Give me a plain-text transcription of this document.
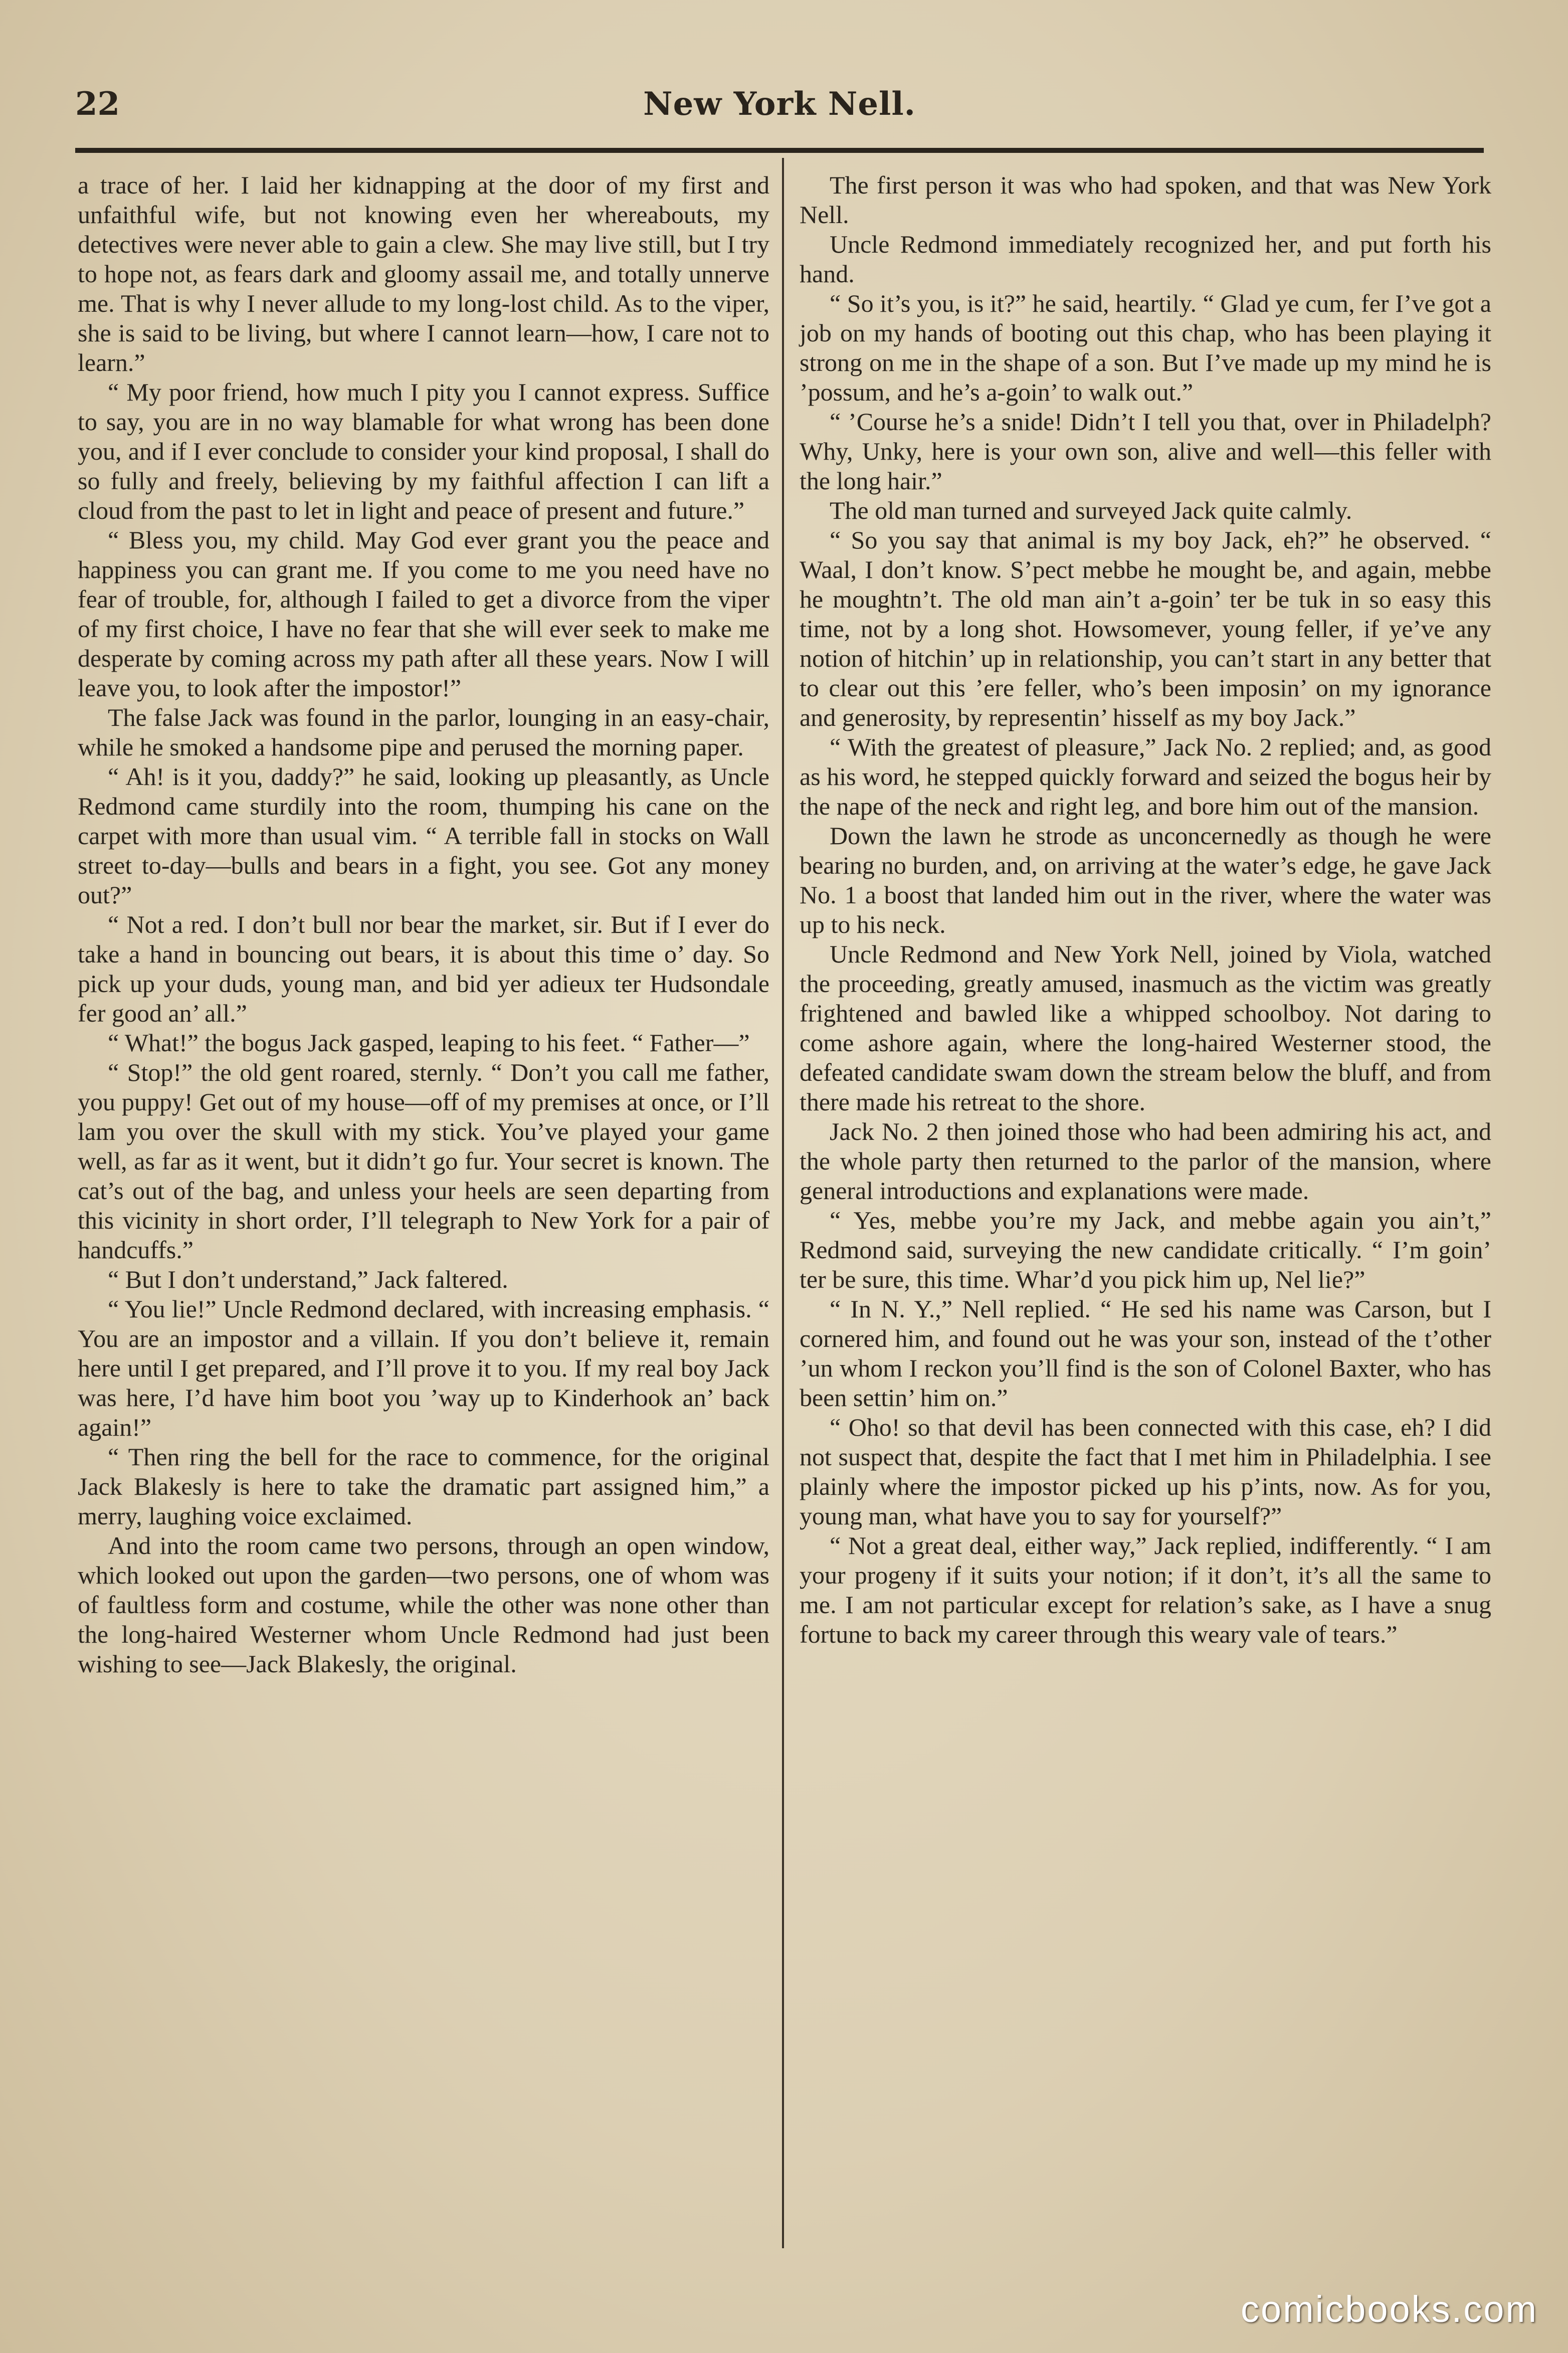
22	New York Nell.

a trace of her. I laid her kidnapping at the door of my first and unfaithful wife, but not knowing even her whereabouts, my detectives were never able to gain a clew. She may live still, but I try to hope not, as fears dark and gloomy assail me, and totally unnerve me. That is why I never allude to my long-lost child. As to the viper, she is said to be living, but where I cannot learn—how, I care not to learn.”

“ My poor friend, how much I pity you I cannot express. Suffice to say, you are in no way blamable for what wrong has been done you, and if I ever conclude to consider your kind proposal, I shall do so fully and freely, believing by my faithful affection I can lift a cloud from the past to let in light and peace of present and future.”

“ Bless you, my child. May God ever grant you the peace and happiness you can grant me. If you come to me you need have no fear of trouble, for, although I failed to get a divorce from the viper of my first choice, I have no fear that she will ever seek to make me desperate by coming across my path after all these years. Now I will leave you, to look after the impostor!”

The false Jack was found in the parlor, lounging in an easy-chair, while he smoked a handsome pipe and perused the morning paper.

“ Ah! is it you, daddy?” he said, looking up pleasantly, as Uncle Redmond came sturdily into the room, thumping his cane on the carpet with more than usual vim. “ A terrible fall in stocks on Wall street to-day—bulls and bears in a fight, you see. Got any money out?”

“ Not a red. I don’t bull nor bear the market, sir. But if I ever do take a hand in bouncing out bears, it is about this time o’ day. So pick up your duds, young man, and bid yer adieux ter Hudsondale fer good an’ all.”

“ What!” the bogus Jack gasped, leaping to his feet. “ Father—”

“ Stop!” the old gent roared, sternly. “ Don’t you call me father, you puppy! Get out of my house—off of my premises at once, or I’ll lam you over the skull with my stick. You’ve played your game well, as far as it went, but it didn’t go fur. Your secret is known. The cat’s out of the bag, and unless your heels are seen departing from this vicinity in short order, I’ll telegraph to New York for a pair of handcuffs.”

“ But I don’t understand,” Jack faltered.

“ You lie!” Uncle Redmond declared, with increasing emphasis. “ You are an impostor and a villain. If you don’t believe it, remain here until I get prepared, and I’ll prove it to you. If my real boy Jack was here, I’d have him boot you ’way up to Kinderhook an’ back again!”

“ Then ring the bell for the race to commence, for the original Jack Blakesly is here to take the dramatic part assigned him,” a merry, laughing voice exclaimed.

And into the room came two persons, through an open window, which looked out upon the garden—two persons, one of whom was of faultless form and costume, while the other was none other than the long-haired Westerner whom Uncle Redmond had just been wishing to see—Jack Blakesly, the original.

The first person it was who had spoken, and that was New York Nell.

Uncle Redmond immediately recognized her, and put forth his hand.

“ So it’s you, is it?” he said, heartily. “ Glad ye cum, fer I’ve got a job on my hands of booting out this chap, who has been playing it strong on me in the shape of a son. But I’ve made up my mind he is ’possum, and he’s a-goin’ to walk out.”

“ ’Course he’s a snide! Didn’t I tell you that, over in Philadelph? Why, Unky, here is your own son, alive and well—this feller with the long hair.”

The old man turned and surveyed Jack quite calmly.

“ So you say that animal is my boy Jack, eh?” he observed. “ Waal, I don’t know. S’pect mebbe he mought be, and again, mebbe he moughtn’t. The old man ain’t a-goin’ ter be tuk in so easy this time, not by a long shot. Howsomever, young feller, if ye’ve any notion of hitchin’ up in relationship, you can’t start in any better that to clear out this ’ere feller, who’s been imposin’ on my ignorance and generosity, by representin’ hisself as my boy Jack.”

“ With the greatest of pleasure,” Jack No. 2 replied; and, as good as his word, he stepped quickly forward and seized the bogus heir by the nape of the neck and right leg, and bore him out of the mansion.

Down the lawn he strode as unconcernedly as though he were bearing no burden, and, on arriving at the water’s edge, he gave Jack No. 1 a boost that landed him out in the river, where the water was up to his neck.

Uncle Redmond and New York Nell, joined by Viola, watched the proceeding, greatly amused, inasmuch as the victim was greatly frightened and bawled like a whipped schoolboy. Not daring to come ashore again, where the long-haired Westerner stood, the defeated candidate swam down the stream below the bluff, and from there made his retreat to the shore.

Jack No. 2 then joined those who had been admiring his act, and the whole party then returned to the parlor of the mansion, where general introductions and explanations were made.

“ Yes, mebbe you’re my Jack, and mebbe again you ain’t,” Redmond said, surveying the new candidate critically. “ I’m goin’ ter be sure, this time. Whar’d you pick him up, Nel lie?”

“ In N. Y.,” Nell replied. “ He sed his name was Carson, but I cornered him, and found out he was your son, instead of the t’other ’un whom I reckon you’ll find is the son of Colonel Baxter, who has been settin’ him on.”

“ Oho! so that devil has been connected with this case, eh? I did not suspect that, despite the fact that I met him in Philadelphia. I see plainly where the impostor picked up his p’ints, now. As for you, young man, what have you to say for yourself?”

“ Not a great deal, either way,” Jack replied, indifferently. “ I am your progeny if it suits your notion; if it don’t, it’s all the same to me. I am not particular except for relation’s sake, as I have a snug fortune to back my career through this weary vale of tears.”

comicbooks.com
